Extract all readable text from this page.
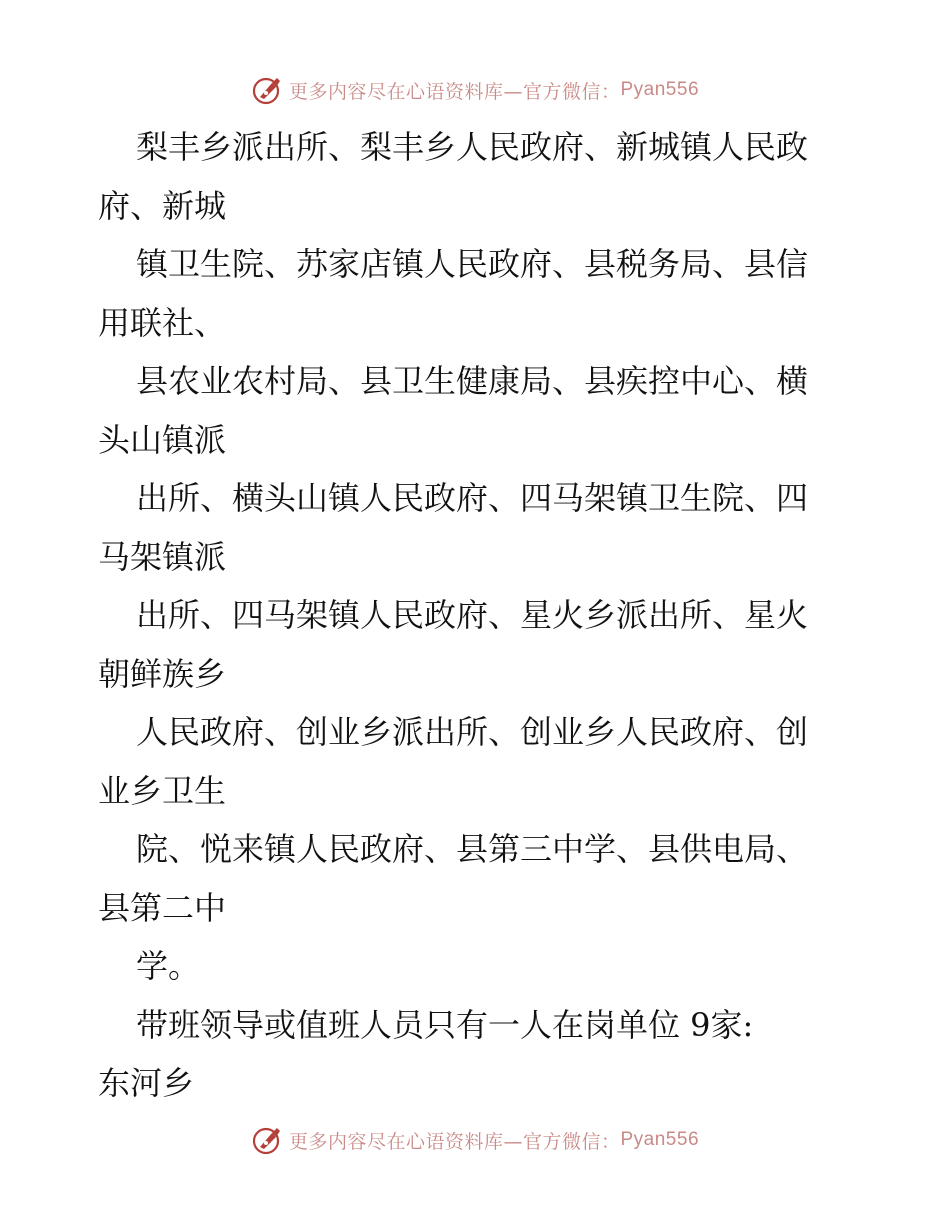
更多内容尽在心语资料库—官方微信： Pyan556
梨丰乡派出所、梨丰乡人民政府、新城镇人民政
府、新城
镇卫生院、苏家店镇人民政府、县税务局、县信
用联社、
县农业农村局、县卫生健康局、县疾控中心、横
头山镇派
出所、横头山镇人民政府、四马架镇卫生院、四
马架镇派
出所、四马架镇人民政府、星火乡派出所、星火
朝鲜族乡
人民政府、创业乡派出所、创业乡人民政府、创
业乡卫生
院、悦来镇人民政府、县第三中学、县供电局、
县第二中
学。
带班领导或值班人员只有一人在岗单位 9家:
东河乡
更多内容尽在心语资料库—官方微信： Pyan556
